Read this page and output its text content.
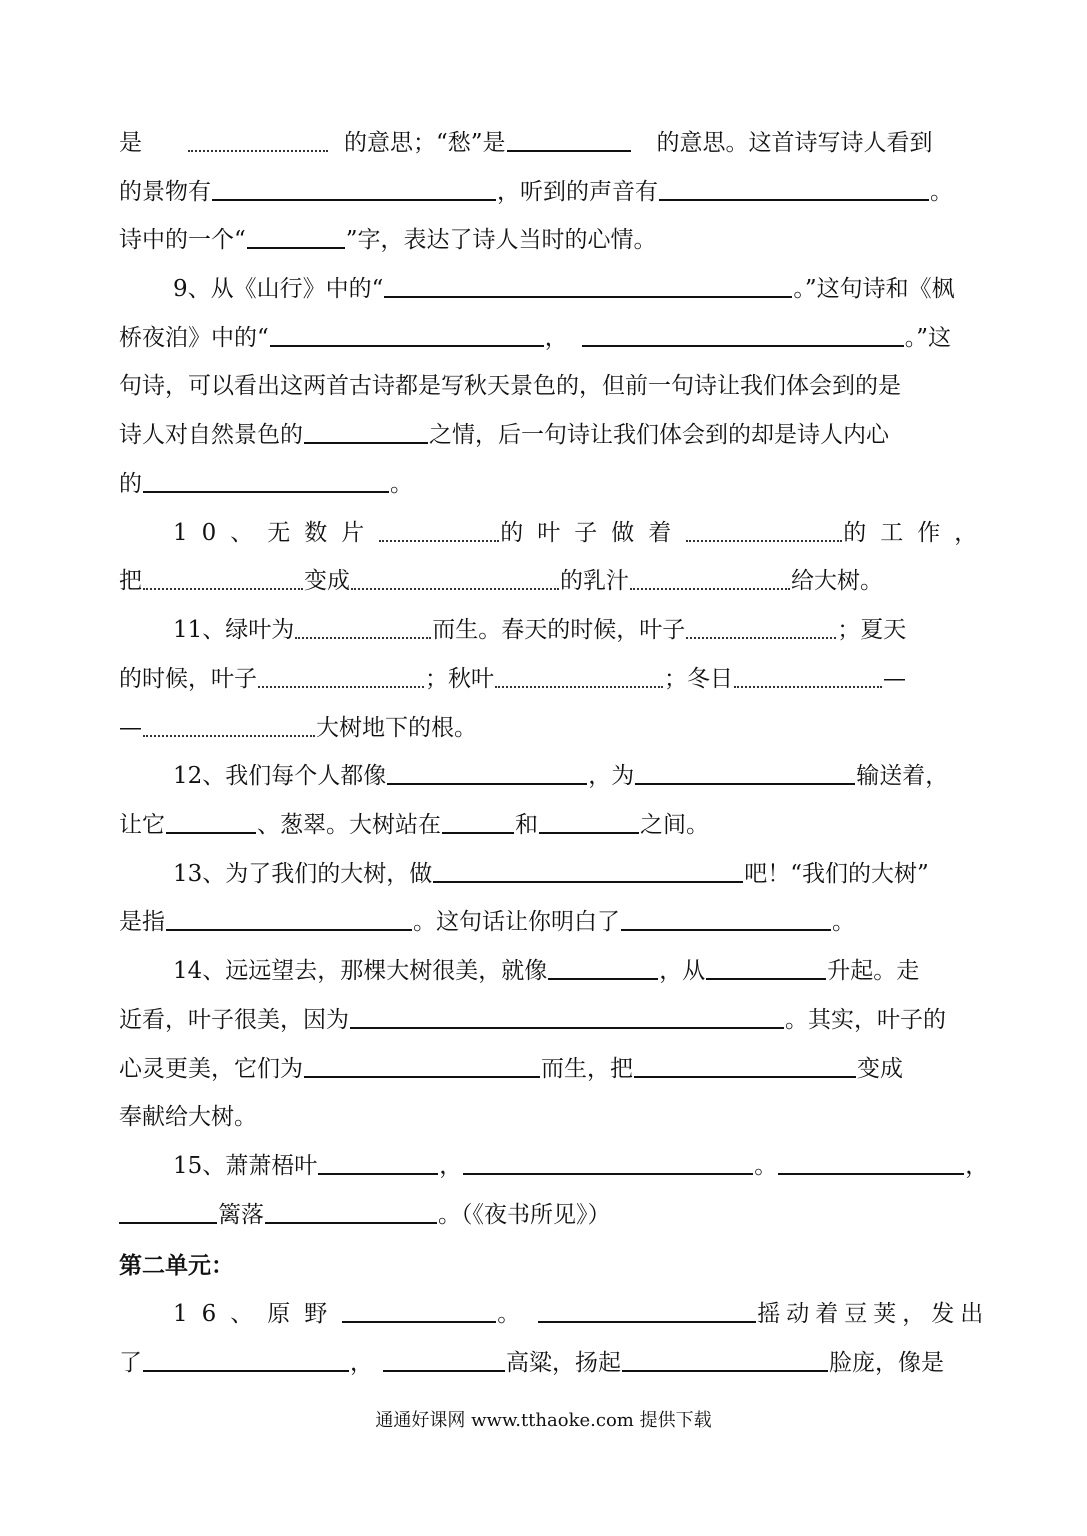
是	的意思；“愁”是	的意思。这首诗写诗人看到
的景物有	，听到的声音有	。
诗中的一个“	”字，表达了诗人当时的心情。
9、从《山行》中的“	。”这句诗和《枫
桥夜泊》中的“	，	。”这
句诗，可以看出这两首古诗都是写秋天景色的，但前一句诗让我们体会到的是
诗人对自然景色的	之情，后一句诗让我们体会到的却是诗人内心
的	。
10、无数片	的叶子做着	的工作，
把	变成	的乳汁	给大树。
11、绿叶为	而生。春天的时候，叶子	；夏天
的时候，叶子	；秋叶	；冬日	—
—	大树地下的根。
12、我们每个人都像	，为	输送着，
让它	、葱翠。大树站在	和	之间。
13、为了我们的大树，做	吧！“我们的大树”
是指	。这句话让你明白了	。
14、远远望去，那棵大树很美，就像	，从	升起。走
近看，叶子很美，因为	。其实，叶子的
心灵更美，它们为	而生，把	变成
奉献给大树。
15、萧萧梧叶	，	。	，
篱落	。（《夜书所见》）
第二单元：
16、原野	。	摇动着豆荚，发出
了	，	高粱，扬起	脸庞，像是
通通好课网 www.tthaoke.com 提供下载
